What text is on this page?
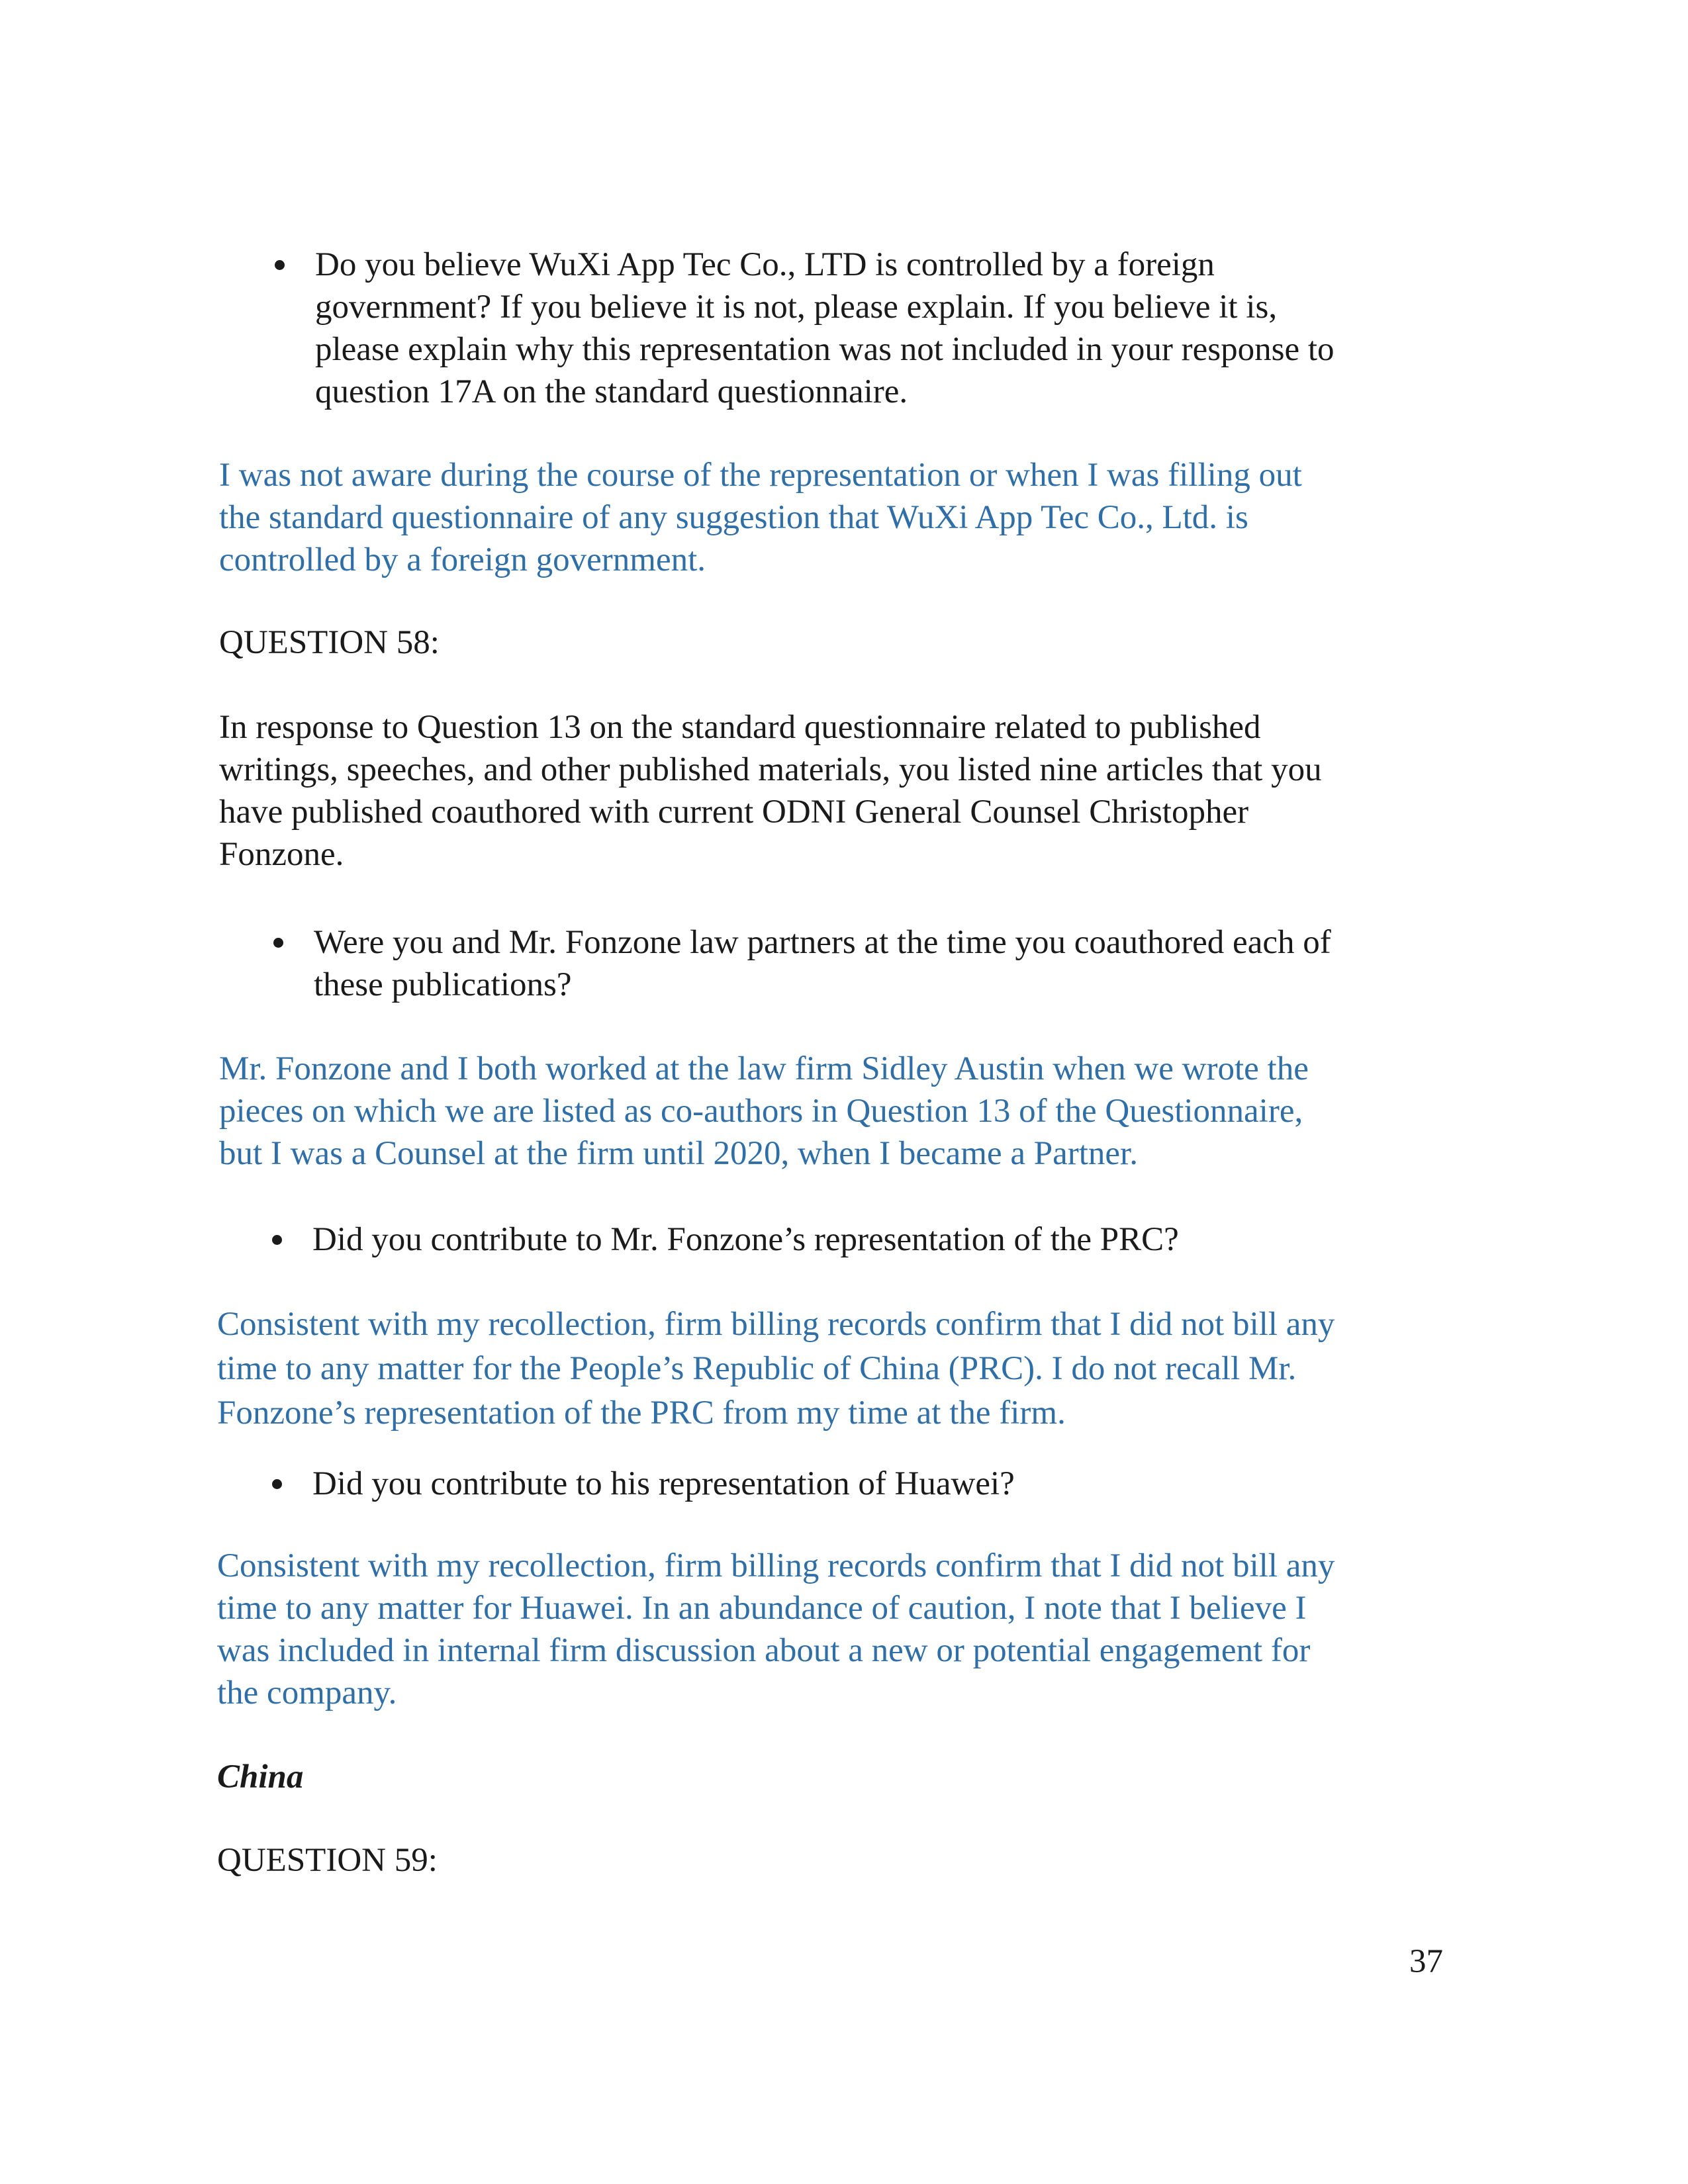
Do you believe WuXi App Tec Co., LTD is controlled by a foreign
government? If you believe it is not, please explain. If you believe it is,
please explain why this representation was not included in your response to
question 17A on the standard questionnaire.
I was not aware during the course of the representation or when I was filling out
the standard questionnaire of any suggestion that WuXi App Tec Co., Ltd. is
controlled by a foreign government.
QUESTION 58:
In response to Question 13 on the standard questionnaire related to published
writings, speeches, and other published materials, you listed nine articles that you
have published coauthored with current ODNI General Counsel Christopher
Fonzone.
Were you and Mr. Fonzone law partners at the time you coauthored each of
these publications?
Mr. Fonzone and I both worked at the law firm Sidley Austin when we wrote the
pieces on which we are listed as co-authors in Question 13 of the Questionnaire,
but I was a Counsel at the firm until 2020, when I became a Partner.
Did you contribute to Mr. Fonzone’s representation of the PRC?
Consistent with my recollection, firm billing records confirm that I did not bill any
time to any matter for the People’s Republic of China (PRC). I do not recall Mr.
Fonzone’s representation of the PRC from my time at the firm.
Did you contribute to his representation of Huawei?
Consistent with my recollection, firm billing records confirm that I did not bill any
time to any matter for Huawei. In an abundance of caution, I note that I believe I
was included in internal firm discussion about a new or potential engagement for
the company.
China
QUESTION 59:
37
